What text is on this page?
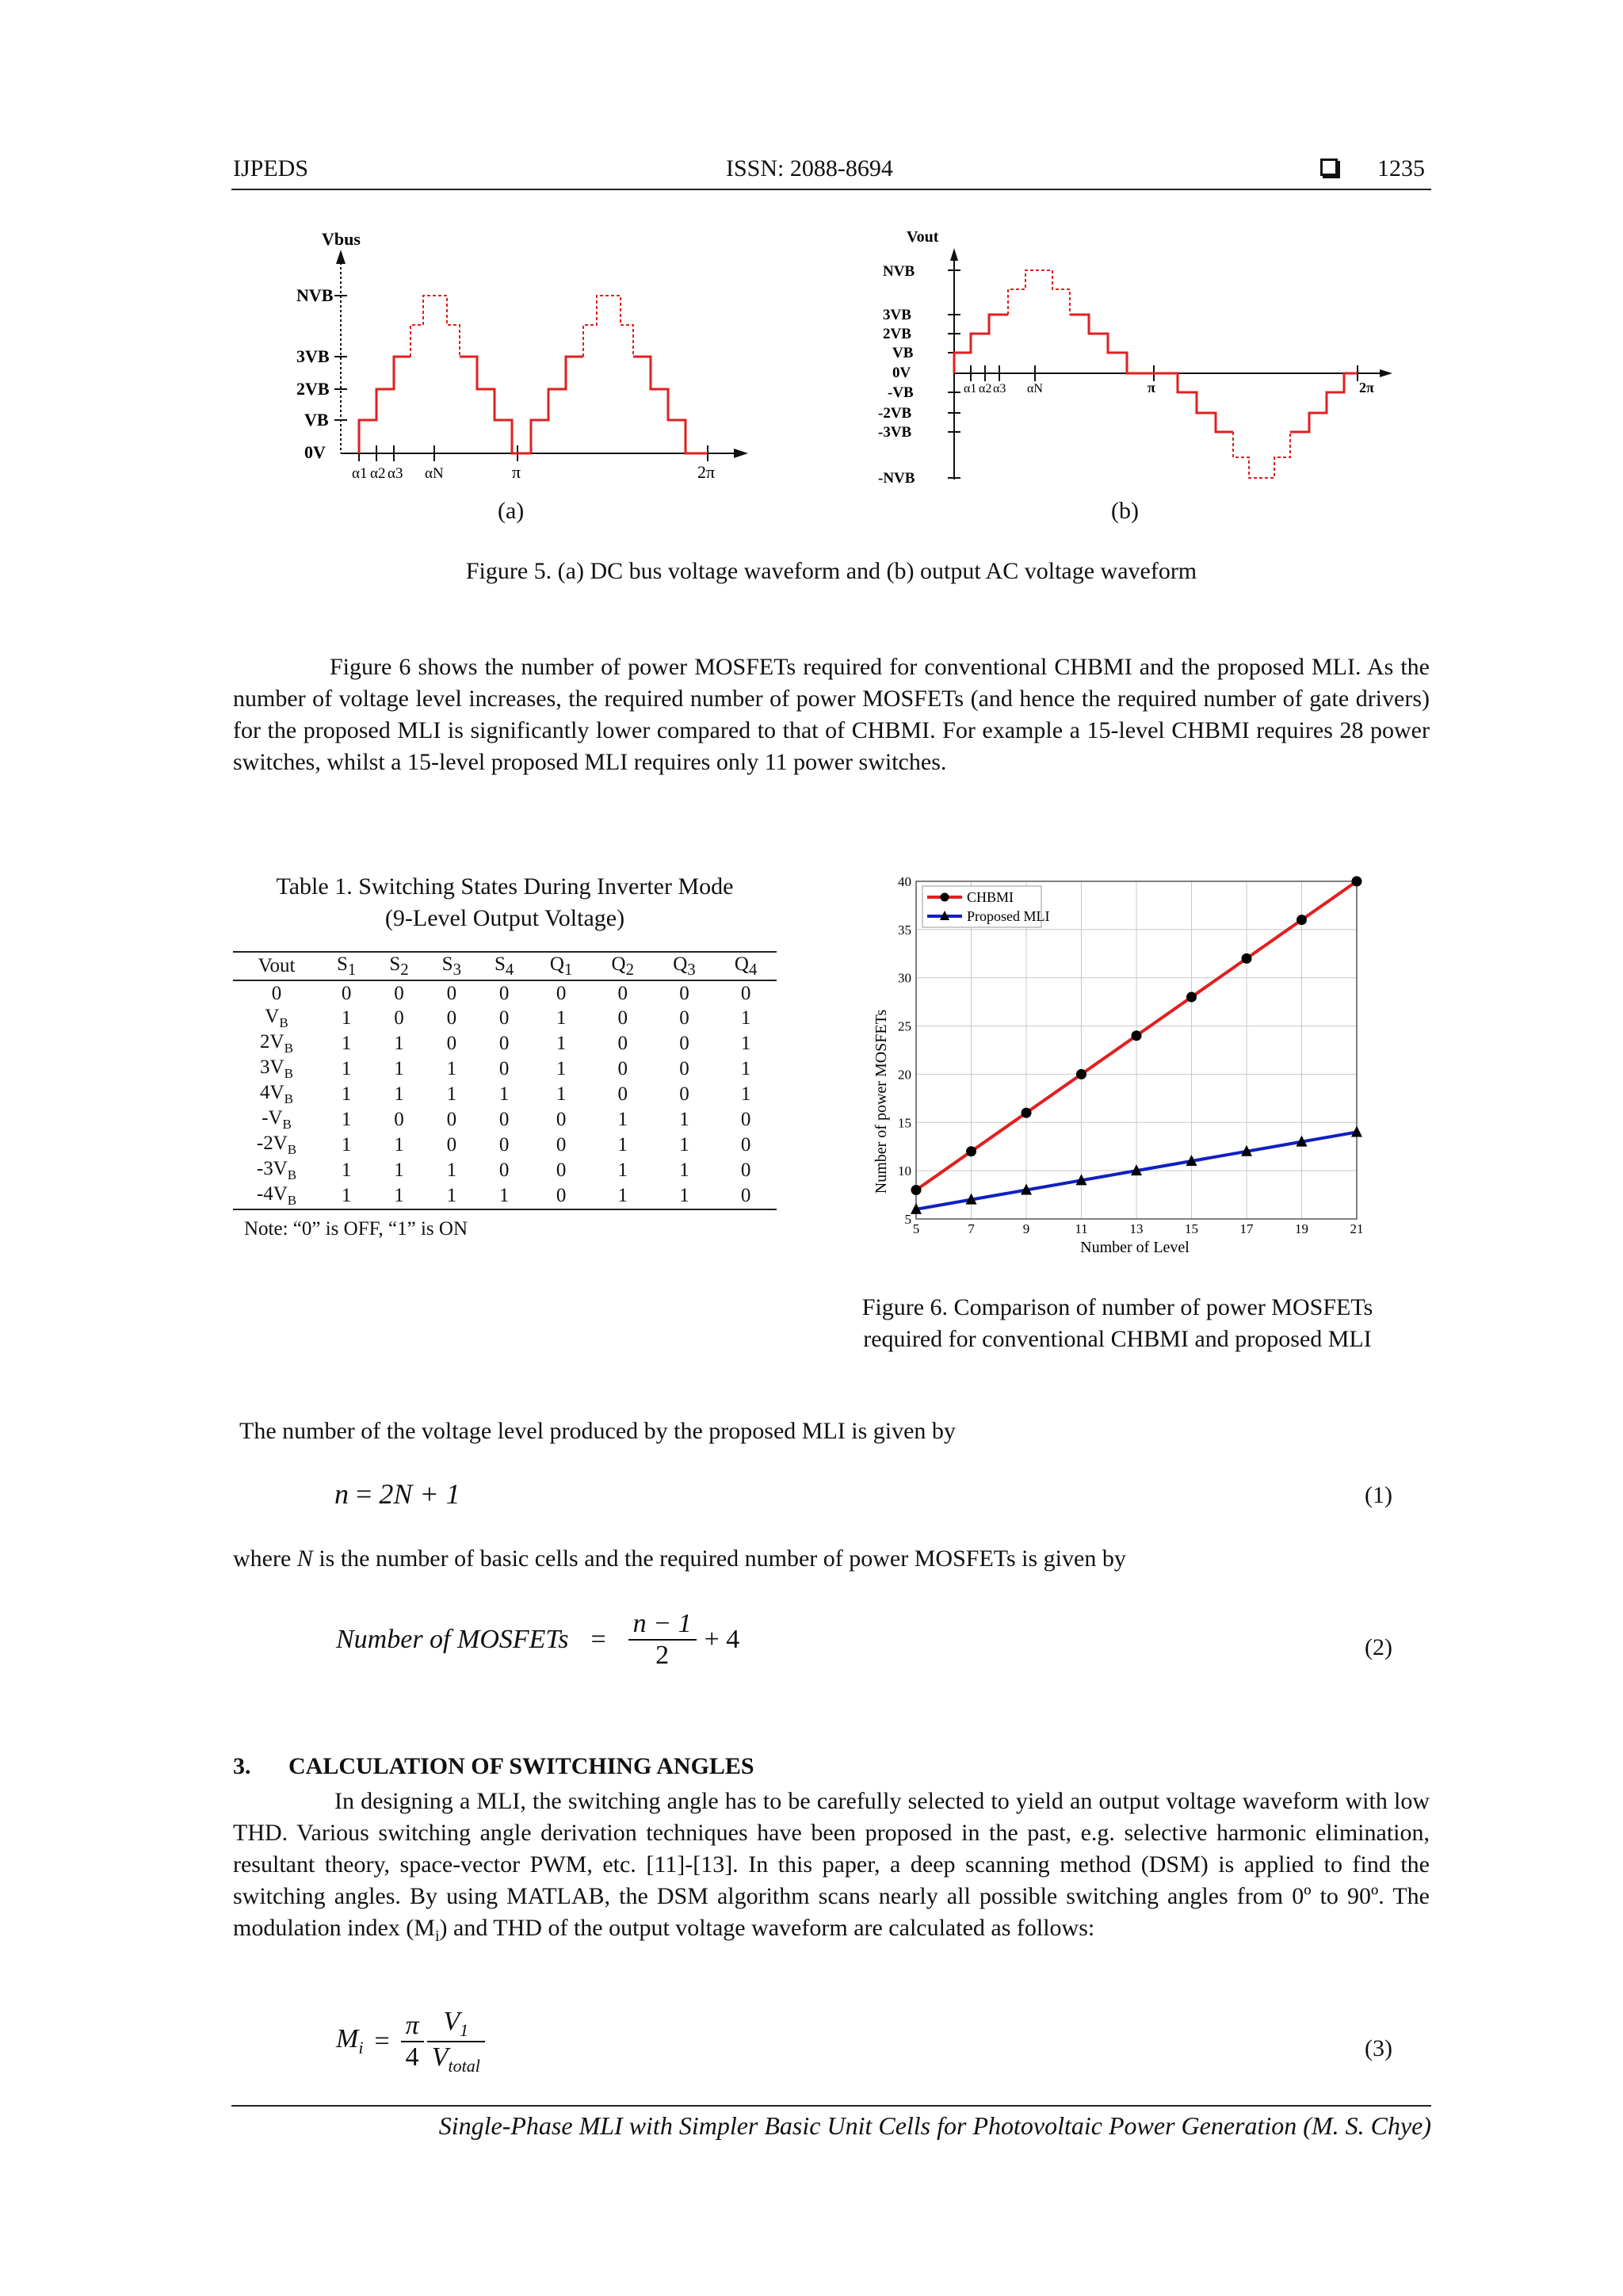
IJPEDS	ISSN: 2088-8694	1235
Vbus
NVB
3VB
2VB
VB
0V
α1 α2 α3 αN	π	2π
(a)
Vout
NVB
3VB
2VB
VB
0V
-VB
-2VB
-3VB
-NVB
α1 α2 α3 αN	π	2π
(b)
Figure 5. (a) DC bus voltage waveform and (b) output AC voltage waveform
Figure 6 shows the number of power MOSFETs required for conventional CHBMI and the proposed MLI. As the number of voltage level increases, the required number of power MOSFETs (and hence the required number of gate drivers) for the proposed MLI is significantly lower compared to that of CHBMI. For example a 15-level CHBMI requires 28 power switches, whilst a 15-level proposed MLI requires only 11 power switches.
Table 1. Switching States During Inverter Mode
(9-Level Output Voltage)
Vout	$S_1$	$S_2$	$S_3$	$S_4$	$Q_1$	$Q_2$	$Q_3$	$Q_4$
0	0	0	0	0	0	0	0	0
$V_B$	1	0	0	0	1	0	0	1
$2V_B$	1	1	0	0	1	0	0	1
$3V_B$	1	1	1	0	1	0	0	1
$4V_B$	1	1	1	1	1	0	0	1
$-V_B$	1	0	0	0	0	1	1	0
$-2V_B$	1	1	0	0	0	1	1	0
$-3V_B$	1	1	1	0	0	1	1	0
$-4V_B$	1	1	1	1	0	1	1	0
Note: “0” is OFF, “1” is ON
Number of power MOSFETs
Number of Level
5	7	9	11	13	15	17	19	21
5
10
15
20
25
30
35
40
CHBMI
Proposed MLI
Figure 6. Comparison of number of power MOSFETs
required for conventional CHBMI and proposed MLI
The number of the voltage level produced by the proposed MLI is given by
n = 2N + 1	(1)
where N is the number of basic cells and the required number of power MOSFETs is given by
Number of MOSFETs = $\frac{n - 1}{2} + 4$	(2)
3. CALCULATION OF SWITCHING ANGLES
In designing a MLI, the switching angle has to be carefully selected to yield an output voltage waveform with low THD. Various switching angle derivation techniques have been proposed in the past, e.g. selective harmonic elimination, resultant theory, space-vector PWM, etc. [11]-[13]. In this paper, a deep scanning method (DSM) is applied to find the switching angles. By using MATLAB, the DSM algorithm scans nearly all possible switching angles from 0º to 90º. The modulation index $(M_i)$ and THD of the output voltage waveform are calculated as follows:
$M_i = \frac{\pi}{4} \frac{V_1}{V_{total}}$	(3)
Single-Phase MLI with Simpler Basic Unit Cells for Photovoltaic Power Generation (M. S. Chye)
